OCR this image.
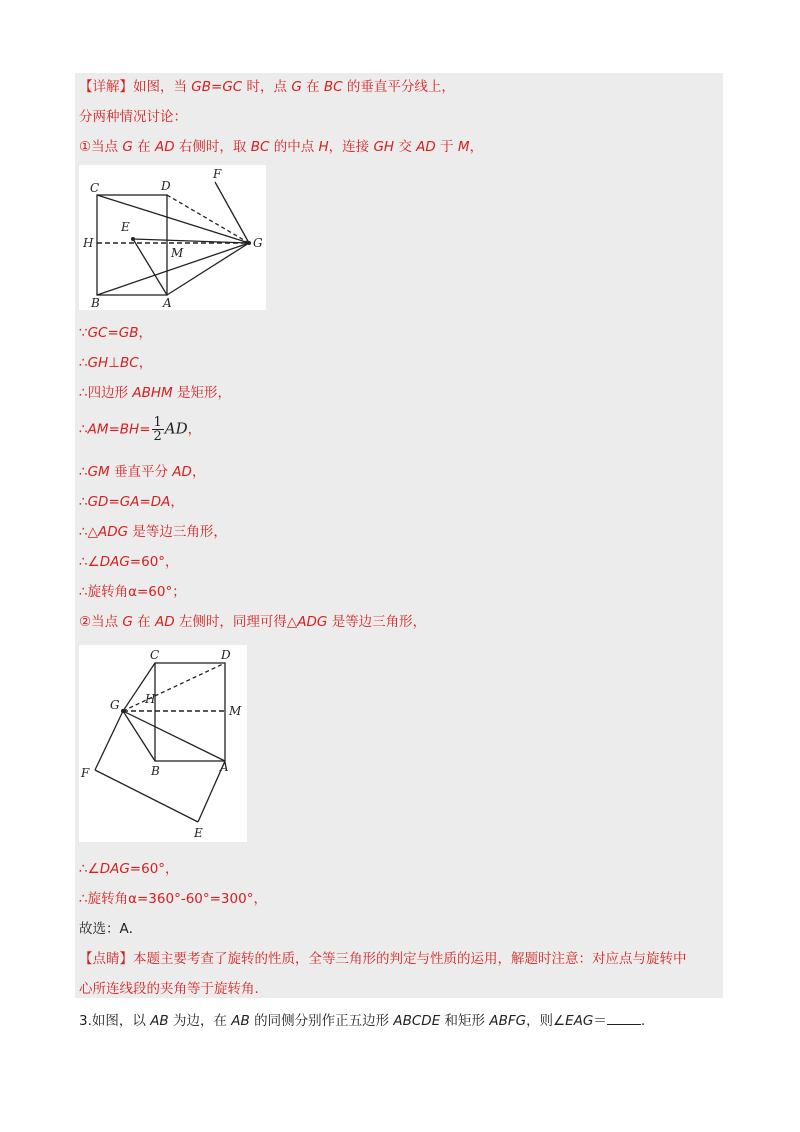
【详解】如图，当 GB=GC 时，点 G 在 BC 的垂直平分线上，
分两种情况讨论：
①当点 G 在 AD 右侧时，取 BC 的中点 H，连接 GH 交 AD 于 M，
C	D
F
E
H
M
G
B	A
∵GC=GB，
∴GH⊥BC，
∴四边形 ABHM 是矩形，
∴AM=BH= $\frac{1}{2}$ AD，
∴GM 垂直平分 AD，
∴GD=GA=DA，
∴△ADG 是等边三角形，
∴∠DAG=60°，
∴旋转角α=60°；
②当点 G 在 AD 左侧时，同理可得△ADG 是等边三角形，
C	D
G H
M
F	B	A
E
∴∠DAG=60°，
∴旋转角α=360°-60°=300°，
故选：A．
【点睛】本题主要考查了旋转的性质，全等三角形的判定与性质的运用，解题时注意：对应点与旋转中
心所连线段的夹角等于旋转角.
3.如图，以 AB 为边，在 AB 的同侧分别作正五边形 ABCDE 和矩形 ABFG，则∠EAG＝	.
